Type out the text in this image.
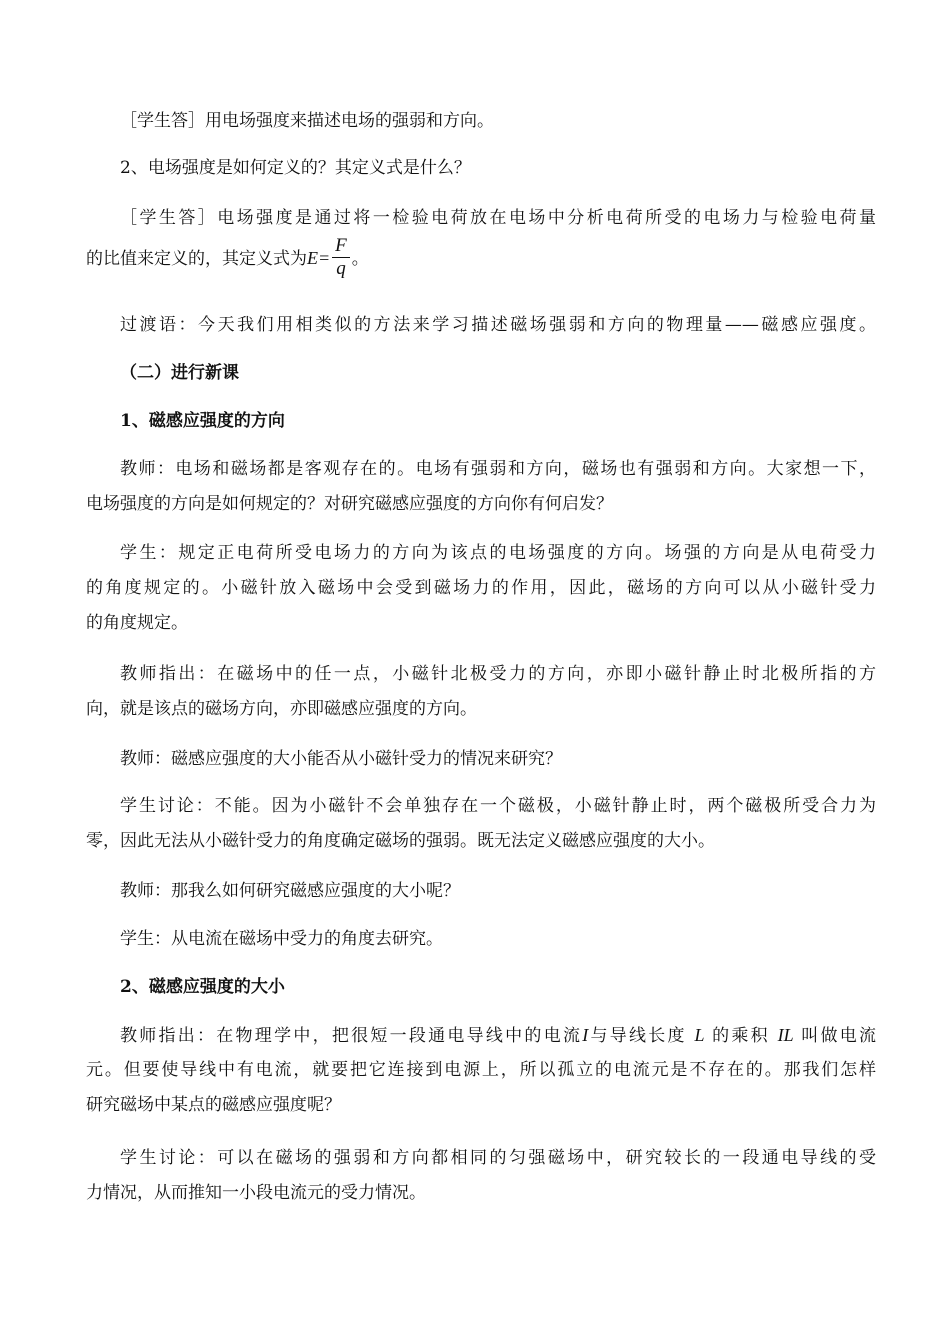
［学生答］用电场强度来描述电场的强弱和方向。
2、电场强度是如何定义的？其定义式是什么？
［学生答］电场强度是通过将一检验电荷放在电场中分析电荷所受的电场力与检验电荷量
的比值来定义的，其定义式为$E= \frac{F}{q}$ 。
过渡语：今天我们用相类似的方法来学习描述磁场强弱和方向的物理量——磁感应强度。
（二）进行新课
1、磁感应强度的方向
教师：电场和磁场都是客观存在的。电场有强弱和方向，磁场也有强弱和方向。大家想一下，
电场强度的方向是如何规定的？对研究磁感应强度的方向你有何启发？
学生：规定正电荷所受电场力的方向为该点的电场强度的方向。场强的方向是从电荷受力
的角度规定的。小磁针放入磁场中会受到磁场力的作用，因此，磁场的方向可以从小磁针受力
的角度规定。
教师指出：在磁场中的任一点，小磁针北极受力的方向，亦即小磁针静止时北极所指的方
向，就是该点的磁场方向，亦即磁感应强度的方向。
教师：磁感应强度的大小能否从小磁针受力的情况来研究？
学生讨论：不能。因为小磁针不会单独存在一个磁极，小磁针静止时，两个磁极所受合力为
零，因此无法从小磁针受力的角度确定磁场的强弱。既无法定义磁感应强度的大小。
教师：那我么如何研究磁感应强度的大小呢？
学生：从电流在磁场中受力的角度去研究。
2、磁感应强度的大小
教师指出：在物理学中，把很短一段通电导线中的电流I与导线长度 L 的乘积 IL 叫做电流
元。但要使导线中有电流，就要把它连接到电源上，所以孤立的电流元是不存在的。那我们怎样
研究磁场中某点的磁感应强度呢？
学生讨论：可以在磁场的强弱和方向都相同的匀强磁场中，研究较长的一段通电导线的受
力情况，从而推知一小段电流元的受力情况。
